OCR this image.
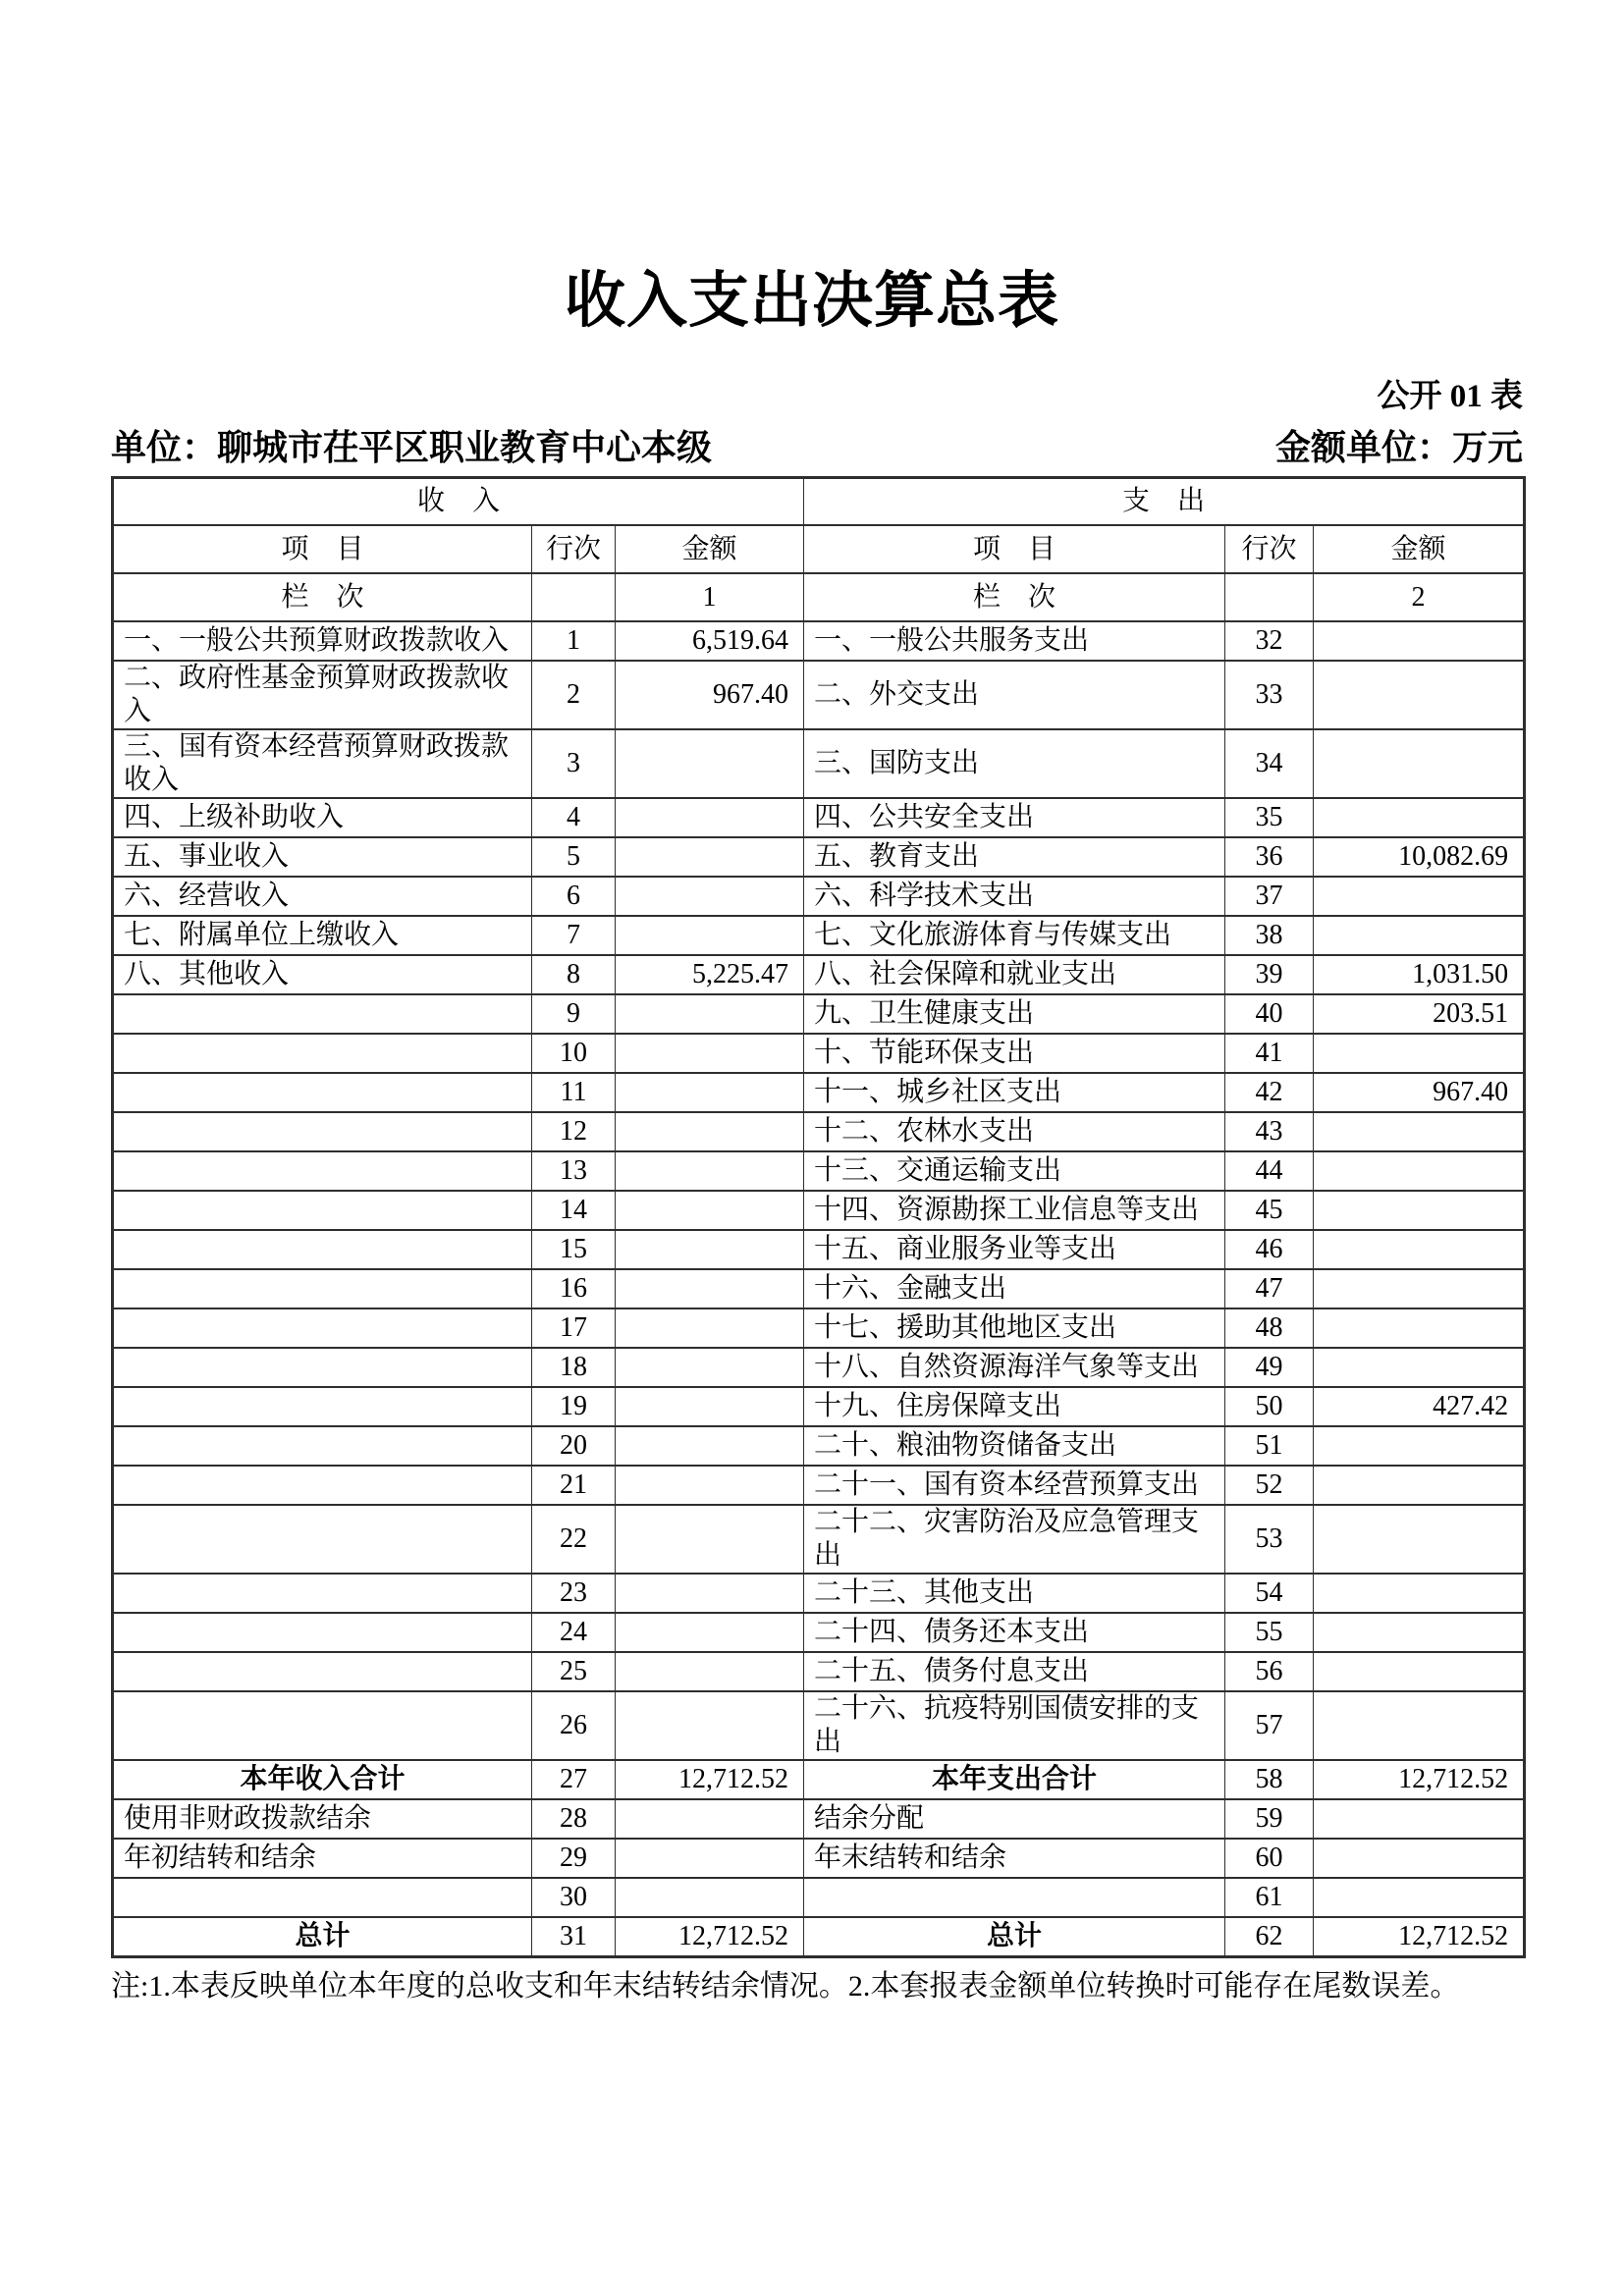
收入支出决算总表
公开 01 表
单位：聊城市茌平区职业教育中心本级	金额单位：万元
收　入			支　出		
项　目	行次	金额	项　目	行次	金额
栏　次		1	栏　次		2
一、一般公共预算财政拨款收入	1	6,519.64	一、一般公共服务支出	32	
二、政府性基金预算财政拨款收入	2	967.40	二、外交支出	33	
三、国有资本经营预算财政拨款收入	3		三、国防支出	34	
四、上级补助收入	4		四、公共安全支出	35	
五、事业收入	5		五、教育支出	36	10,082.69
六、经营收入	6		六、科学技术支出	37	
七、附属单位上缴收入	7		七、文化旅游体育与传媒支出	38	
八、其他收入	8	5,225.47	八、社会保障和就业支出	39	1,031.50
	9		九、卫生健康支出	40	203.51
	10		十、节能环保支出	41	
	11		十一、城乡社区支出	42	967.40
	12		十二、农林水支出	43	
	13		十三、交通运输支出	44	
	14		十四、资源勘探工业信息等支出	45	
	15		十五、商业服务业等支出	46	
	16		十六、金融支出	47	
	17		十七、援助其他地区支出	48	
	18		十八、自然资源海洋气象等支出	49	
	19		十九、住房保障支出	50	427.42
	20		二十、粮油物资储备支出	51	
	21		二十一、国有资本经营预算支出	52	
	22		二十二、灾害防治及应急管理支出	53	
	23		二十三、其他支出	54	
	24		二十四、债务还本支出	55	
	25		二十五、债务付息支出	56	
	26		二十六、抗疫特别国债安排的支出	57	
本年收入合计	27	12,712.52	本年支出合计	58	12,712.52
使用非财政拨款结余	28		结余分配	59	
年初结转和结余	29		年末结转和结余	60	
	30			61	
总计	31	12,712.52	总计	62	12,712.52
注:1.本表反映单位本年度的总收支和年末结转结余情况。2.本套报表金额单位转换时可能存在尾数误差。
